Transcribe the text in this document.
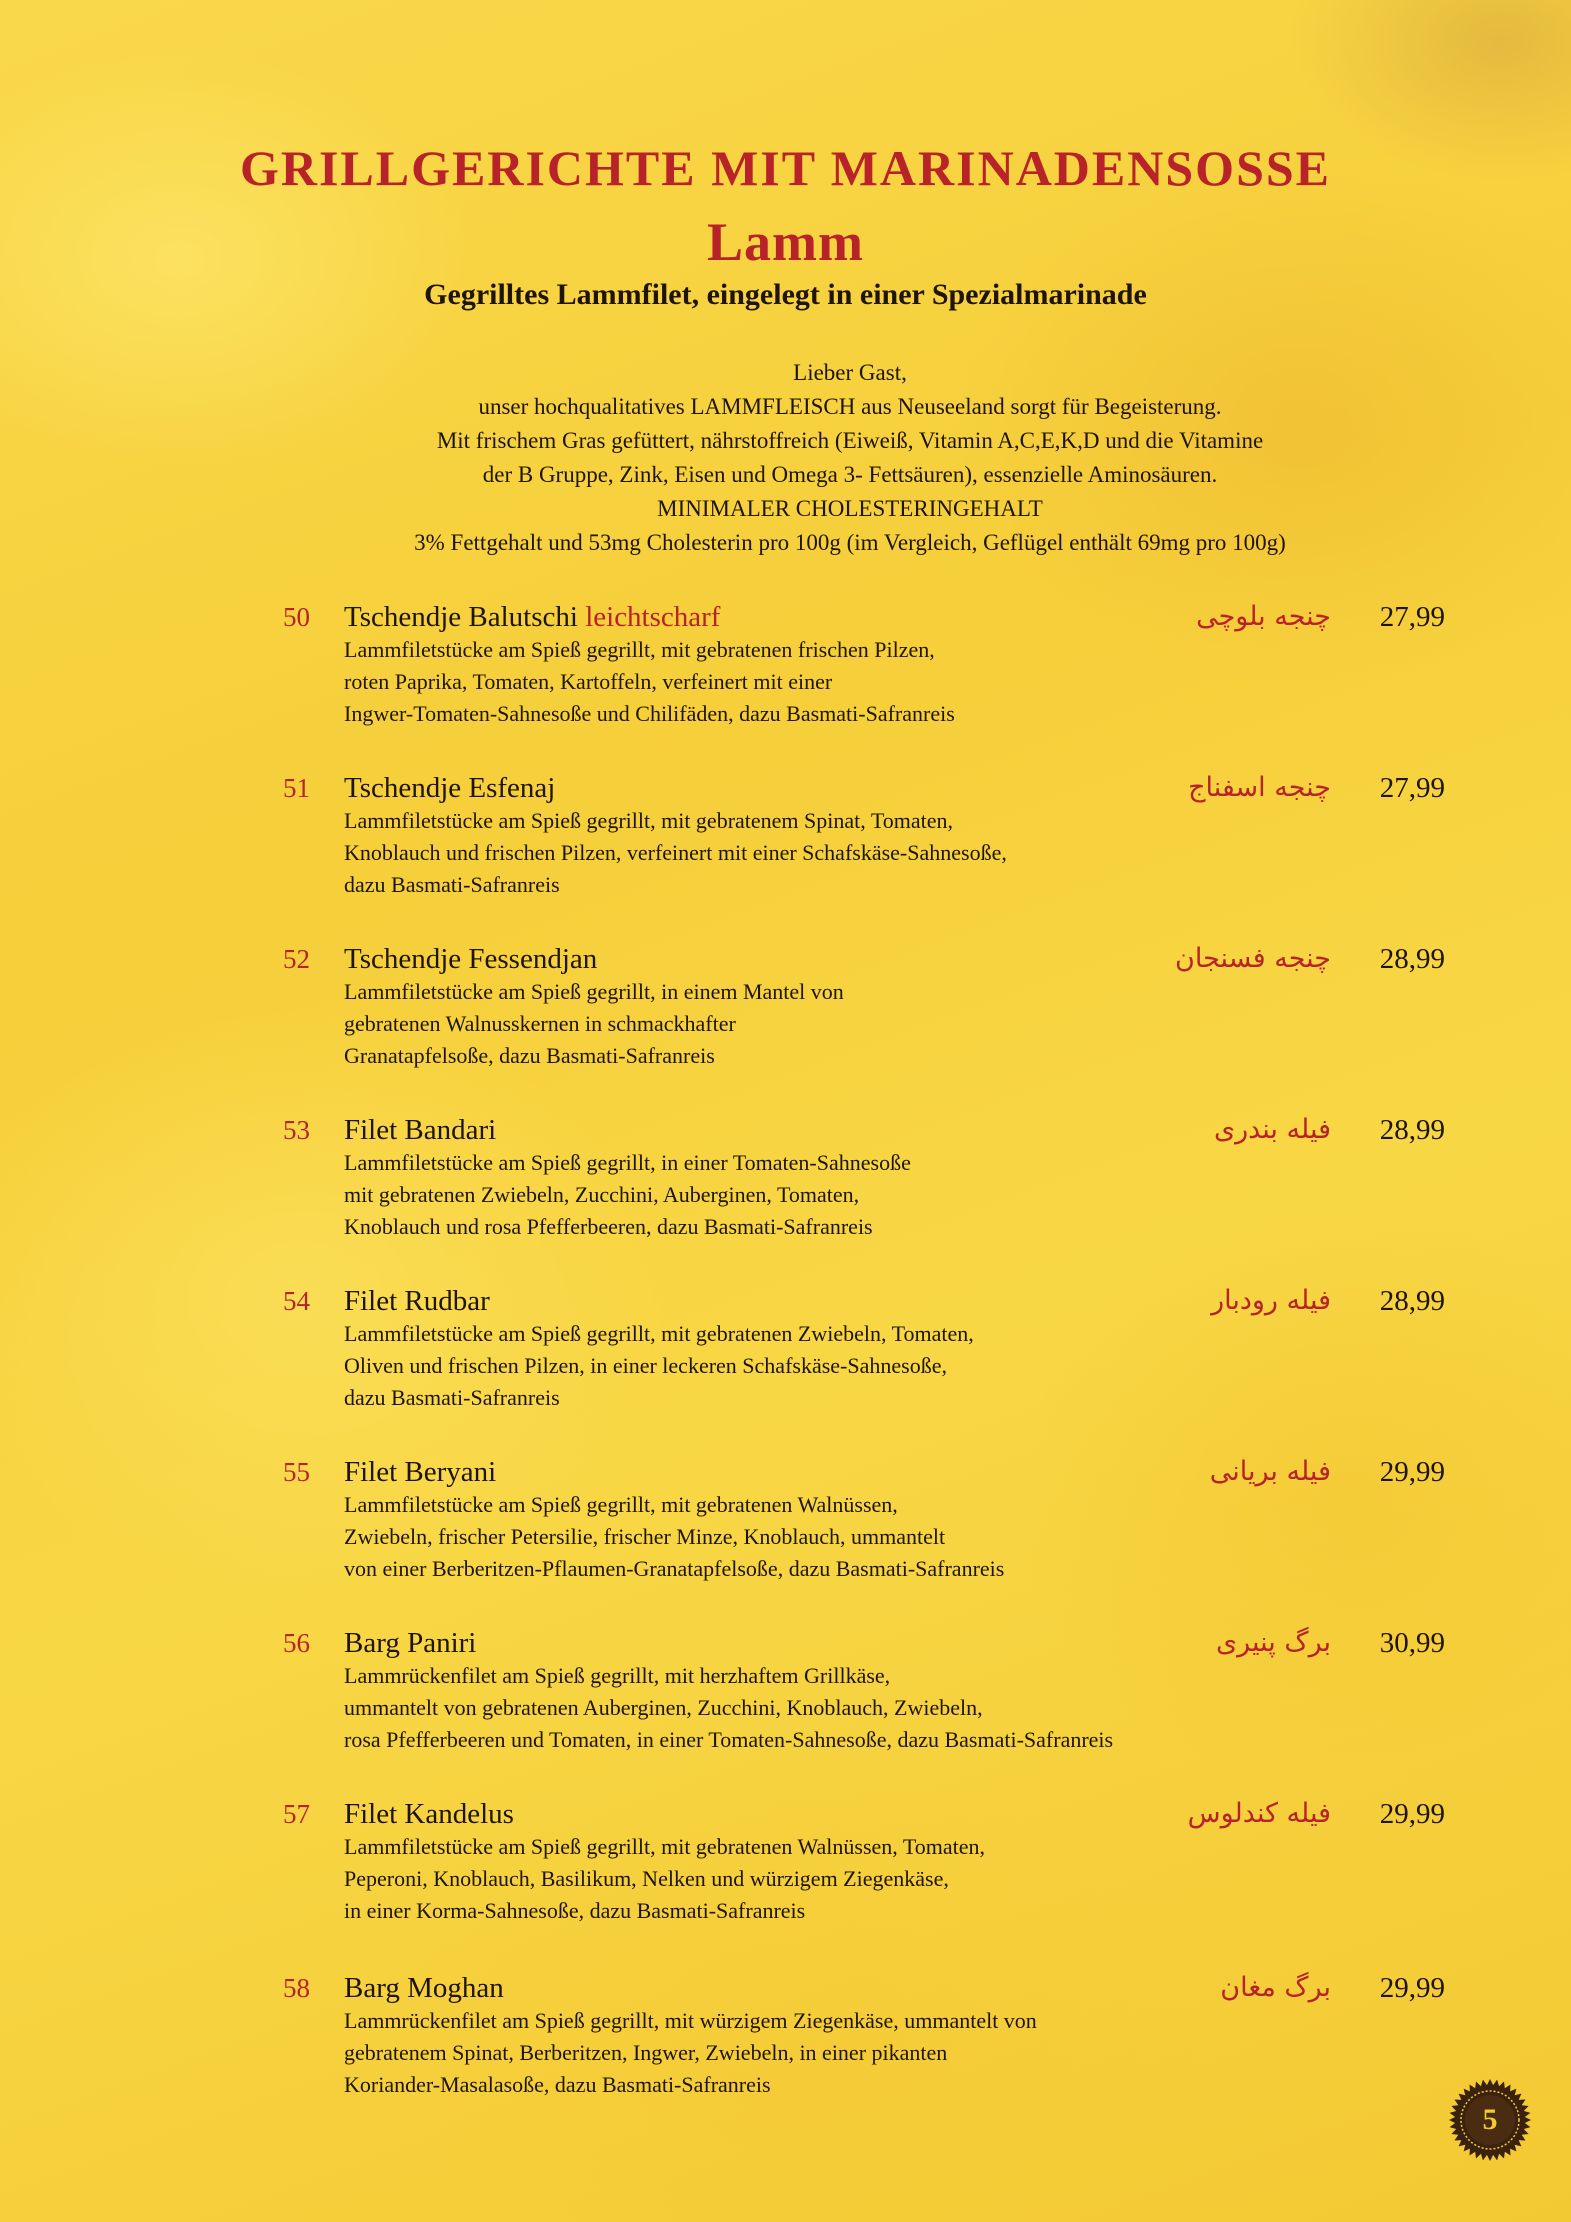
GRILLGERICHTE MIT MARINADENSOSSE
Lamm
Gegrilltes Lammfilet, eingelegt in einer Spezialmarinade
Lieber Gast,
unser hochqualitatives LAMMFLEISCH aus Neuseeland sorgt für Begeisterung.
Mit frischem Gras gefüttert, nährstoffreich (Eiweiß, Vitamin A,C,E,K,D und die Vitamine
der B Gruppe, Zink, Eisen und Omega 3- Fettsäuren), essenzielle Aminosäuren.
MINIMALER CHOLESTERINGEHALT
3% Fettgehalt und 53mg Cholesterin pro 100g (im Vergleich, Geflügel enthält 69mg pro 100g)
50 Tschendje Balutschi leichtscharf	چنجه بلوچی 27,99
Lammfiletstücke am Spieß gegrillt, mit gebratenen frischen Pilzen,
roten Paprika, Tomaten, Kartoffeln, verfeinert mit einer
Ingwer-Tomaten-Sahnesoße und Chilifäden, dazu Basmati-Safranreis
51 Tschendje Esfenaj	چنجه اسفناج 27,99
Lammfiletstücke am Spieß gegrillt, mit gebratenem Spinat, Tomaten,
Knoblauch und frischen Pilzen, verfeinert mit einer Schafskäse-Sahnesoße,
dazu Basmati-Safranreis
52 Tschendje Fessendjan	چنجه فسنجان 28,99
Lammfiletstücke am Spieß gegrillt, in einem Mantel von
gebratenen Walnusskernen in schmackhafter
Granatapfelsoße, dazu Basmati-Safranreis
53 Filet Bandari	فیله بندری 28,99
Lammfiletstücke am Spieß gegrillt, in einer Tomaten-Sahnesoße
mit gebratenen Zwiebeln, Zucchini, Auberginen, Tomaten,
Knoblauch und rosa Pfefferbeeren, dazu Basmati-Safranreis
54 Filet Rudbar	فیله رودبار 28,99
Lammfiletstücke am Spieß gegrillt, mit gebratenen Zwiebeln, Tomaten,
Oliven und frischen Pilzen, in einer leckeren Schafskäse-Sahnesoße,
dazu Basmati-Safranreis
55 Filet Beryani	فیله بریانی 29,99
Lammfiletstücke am Spieß gegrillt, mit gebratenen Walnüssen,
Zwiebeln, frischer Petersilie, frischer Minze, Knoblauch, ummantelt
von einer Berberitzen-Pflaumen-Granatapfelsoße, dazu Basmati-Safranreis
56 Barg Paniri	برگ پنیری 30,99
Lammrückenfilet am Spieß gegrillt, mit herzhaftem Grillkäse,
ummantelt von gebratenen Auberginen, Zucchini, Knoblauch, Zwiebeln,
rosa Pfefferbeeren und Tomaten, in einer Tomaten-Sahnesoße, dazu Basmati-Safranreis
57 Filet Kandelus	فیله کندلوس 29,99
Lammfiletstücke am Spieß gegrillt, mit gebratenen Walnüssen, Tomaten,
Peperoni, Knoblauch, Basilikum, Nelken und würzigem Ziegenkäse,
in einer Korma-Sahnesoße, dazu Basmati-Safranreis
58 Barg Moghan	برگ مغان 29,99
Lammrückenfilet am Spieß gegrillt, mit würzigem Ziegenkäse, ummantelt von
gebratenem Spinat, Berberitzen, Ingwer, Zwiebeln, in einer pikanten
Koriander-Masalasoße, dazu Basmati-Safranreis
5
